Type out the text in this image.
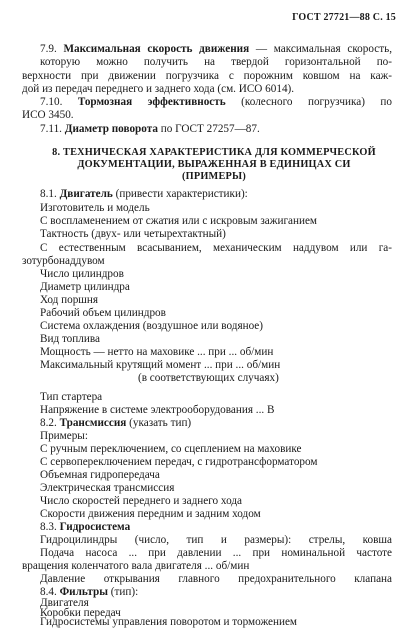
ГОСТ 27721—88 С. 15
7.9. Максимальная скорость движения — максимальная скорость, которую можно получить на твердой горизонтальной по-
верхности при движении погрузчика с порожним ковшом на каж-
дой из передач переднего и заднего хода (см. ИСО 6014).
7.10. Тормозная эффективность (колесного погрузчика) по
ИСО 3450.
7.11. Диаметр поворота по ГОСТ 27257—87.
8. ТЕХНИЧЕСКАЯ ХАРАКТЕРИСТИКА ДЛЯ КОММЕРЧЕСКОЙ
ДОКУМЕНТАЦИИ, ВЫРАЖЕННАЯ В ЕДИНИЦАХ СИ
(ПРИМЕРЫ)
8.1. Двигатель (привести характеристики):
Изготовитель и модель
С воспламенением от сжатия или с искровым зажиганием
Тактность (двух- или четырехтактный)
С естественным всасыванием, механическим наддувом или га-
зотурбонаддувом
Число цилиндров
Диаметр цилиндра
Ход поршня
Рабочий объем цилиндров
Система охлаждения (воздушное или водяное)
Вид топлива
Мощность — нетто на маховике ... при ... об/мин
Максимальный крутящий момент ... при ... об/мин
(в соответствующих случаях)
Тип стартера
Напряжение в системе электрооборудования ... В
8.2. Трансмиссия (указать тип)
Примеры:
С ручным переключением, со сцеплением на маховике
С сервопереключением передач, с гидротрансформатором
Объемная гидропередача
Электрическая трансмиссия
Число скоростей переднего и заднего хода
Скорости движения передним и задним ходом
8.3. Гидросистема
Гидроцилиндры (число, тип и размеры): стрелы, ковша
Подача насоса ... при давлении ... при номинальной частоте
вращения коленчатого вала двигателя ... об/мин
Давление открывания главного предохранительного клапана
8.4. Фильтры (тип):
Двигателя
Коробки передач
Гидросистемы управления поворотом и торможением
